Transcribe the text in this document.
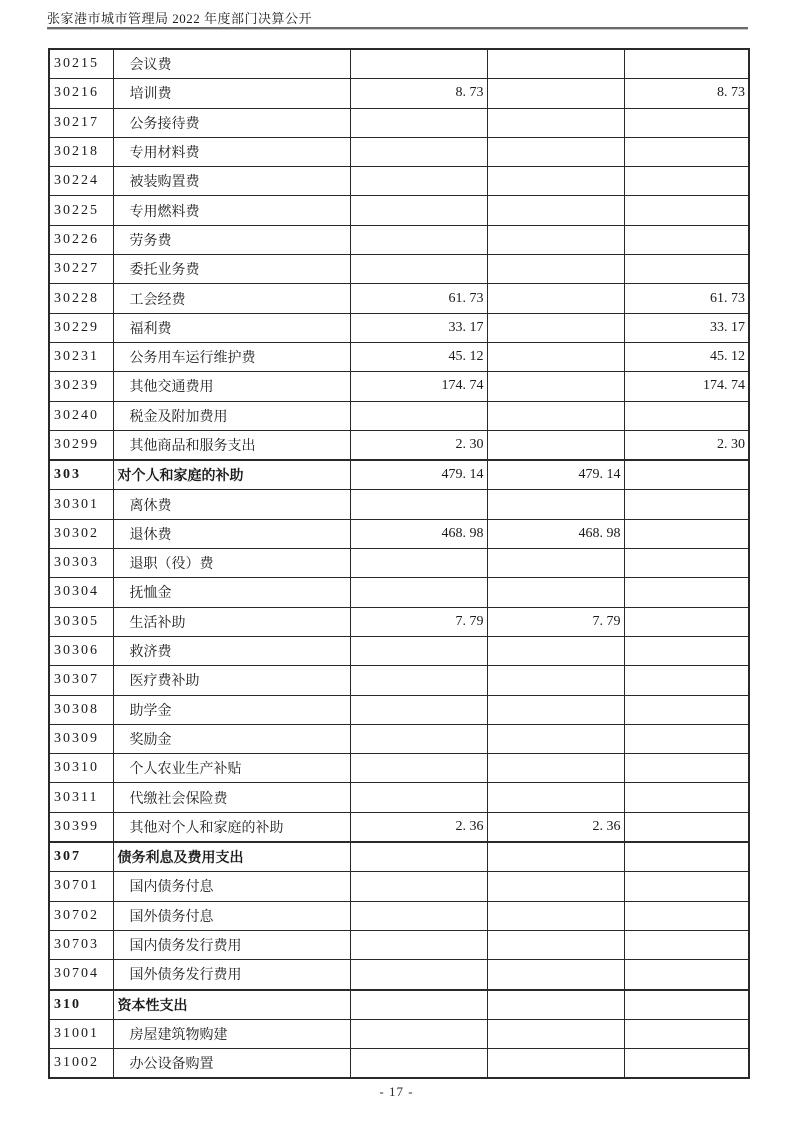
张家港市城市管理局 2022 年度部门决算公开
30215	会议费			
30216	培训费	8. 73		8. 73
30217	公务接待费			
30218	专用材料费			
30224	被装购置费			
30225	专用燃料费			
30226	劳务费			
30227	委托业务费			
30228	工会经费	61. 73		61. 73
30229	福利费	33. 17		33. 17
30231	公务用车运行维护费	45. 12		45. 12
30239	其他交通费用	174. 74		174. 74
30240	税金及附加费用			
30299	其他商品和服务支出	2. 30		2. 30
303	对个人和家庭的补助	479. 14	479. 14	
30301	离休费			
30302	退休费	468. 98	468. 98	
30303	退职（役）费			
30304	抚恤金			
30305	生活补助	7. 79	7. 79	
30306	救济费			
30307	医疗费补助			
30308	助学金			
30309	奖励金			
30310	个人农业生产补贴			
30311	代缴社会保险费			
30399	其他对个人和家庭的补助	2. 36	2. 36	
307	债务利息及费用支出			
30701	国内债务付息			
30702	国外债务付息			
30703	国内债务发行费用			
30704	国外债务发行费用			
310	资本性支出			
31001	房屋建筑物购建			
31002	办公设备购置			
- 17 -
